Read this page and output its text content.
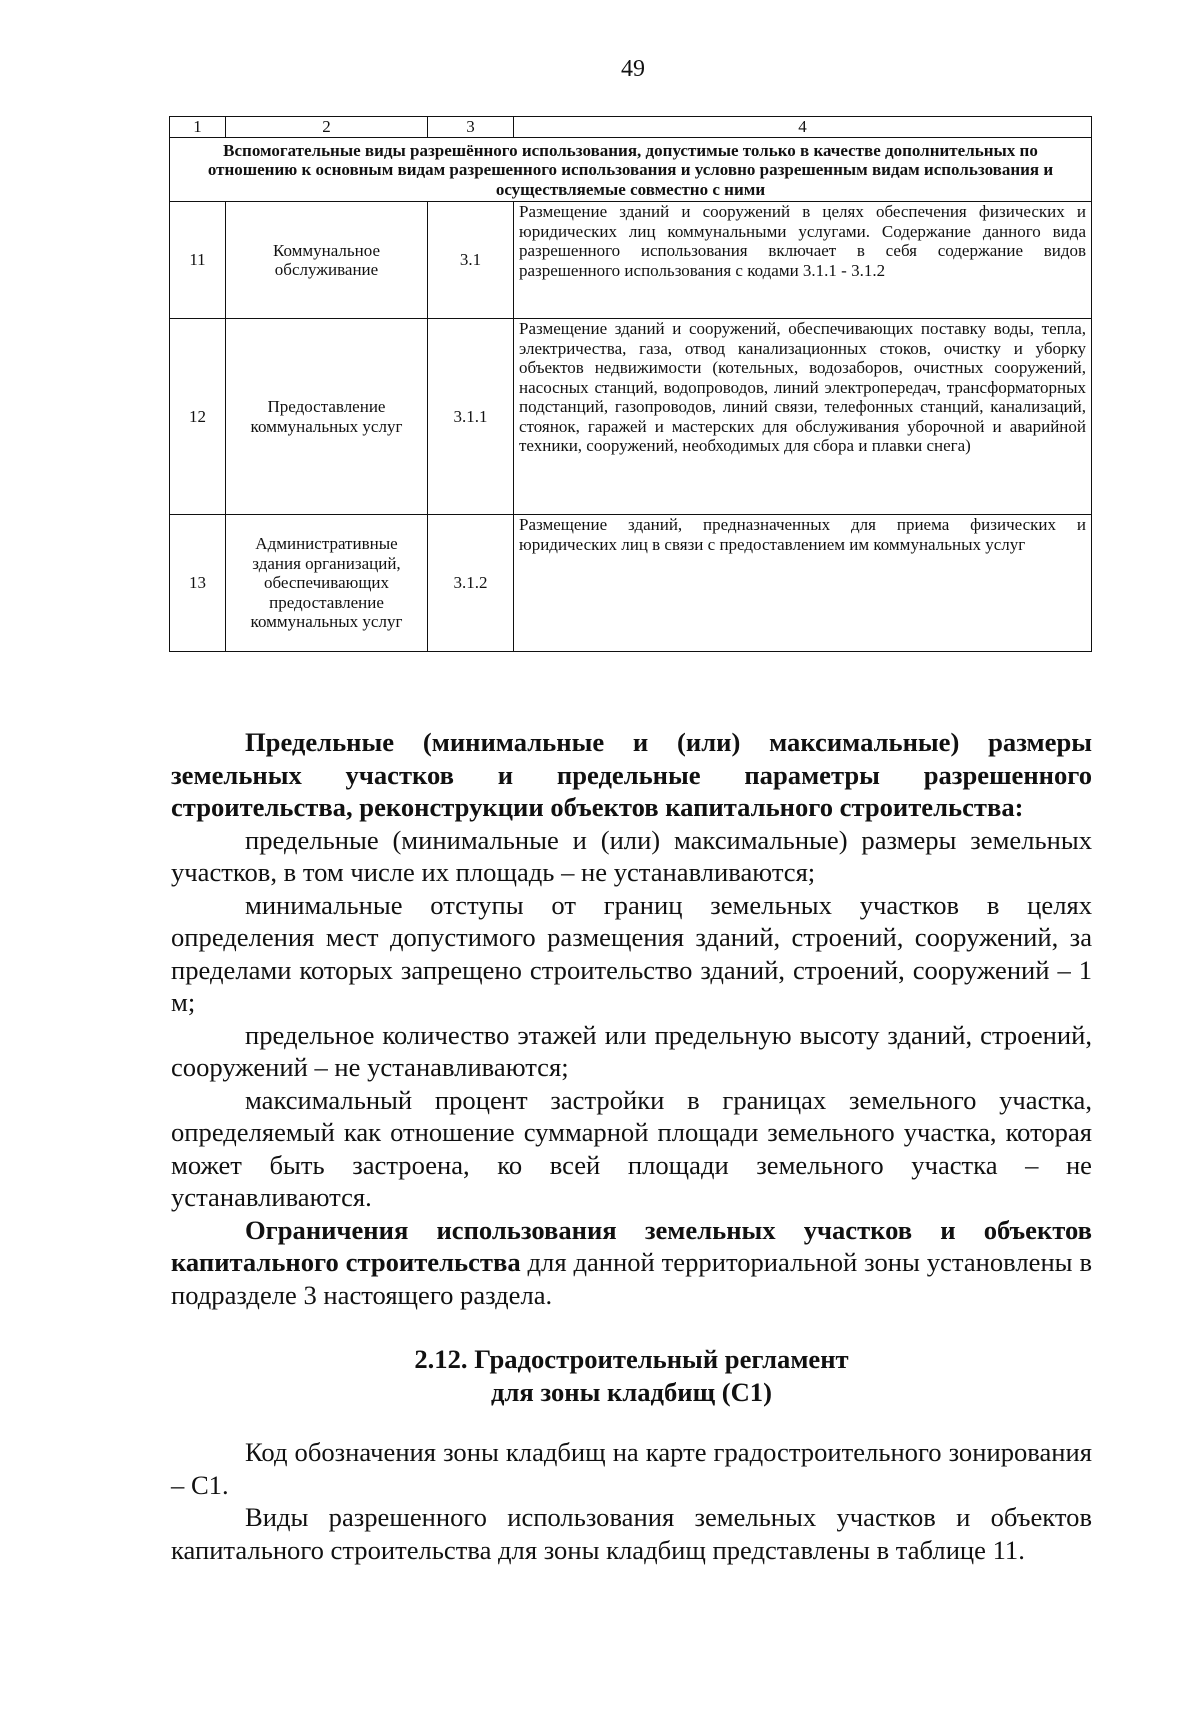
49
1	2	3	4
Вспомогательные виды разрешённого использования, допустимые только в качестве дополнительных по отношению к основным видам разрешенного использования и условно разрешенным видам использования и осуществляемые совместно с ними			
11	Коммунальное обслуживание	3.1	Размещение зданий и сооружений в целях обеспечения физических и юридических лиц коммунальными услугами. Содержание данного вида разрешенного использования включает в себя содержание видов разрешенного использования с кодами 3.1.1 - 3.1.2
12	Предоставление коммунальных услуг	3.1.1	Размещение зданий и сооружений, обеспечивающих поставку воды, тепла, электричества, газа, отвод канализационных стоков, очистку и уборку объектов недвижимости (котельных, водозаборов, очистных сооружений, насосных станций, водопроводов, линий электропередач, трансформаторных подстанций, газопроводов, линий связи, телефонных станций, канализаций, стоянок, гаражей и мастерских для обслуживания уборочной и аварийной техники, сооружений, необходимых для сбора и плавки снега)
13	Административные здания организаций, обеспечивающих предоставление коммунальных услуг	3.1.2	Размещение зданий, предназначенных для приема физических и юридических лиц в связи с предоставлением им коммунальных услуг

Предельные (минимальные и (или) максимальные) размеры земельных участков и предельные параметры разрешенного строительства, реконструкции объектов капитального строительства:

предельные (минимальные и (или) максимальные) размеры земельных участков, в том числе их площадь – не устанавливаются;

минимальные отступы от границ земельных участков в целях определения мест допустимого размещения зданий, строений, сооружений, за пределами которых запрещено строительство зданий, строений, сооружений – 1 м;

предельное количество этажей или предельную высоту зданий, строений, сооружений – не устанавливаются;

максимальный процент застройки в границах земельного участка, определяемый как отношение суммарной площади земельного участка, которая может быть застроена, ко всей площади земельного участка – не устанавливаются.

Ограничения использования земельных участков и объектов капитального строительства для данной территориальной зоны установлены в подразделе 3 настоящего раздела.

2.12. Градостроительный регламент
для зоны кладбищ (С1)

Код обозначения зоны кладбищ на карте градостроительного зонирования – С1.

Виды разрешенного использования земельных участков и объектов капитального строительства для зоны кладбищ представлены в таблице 11.
